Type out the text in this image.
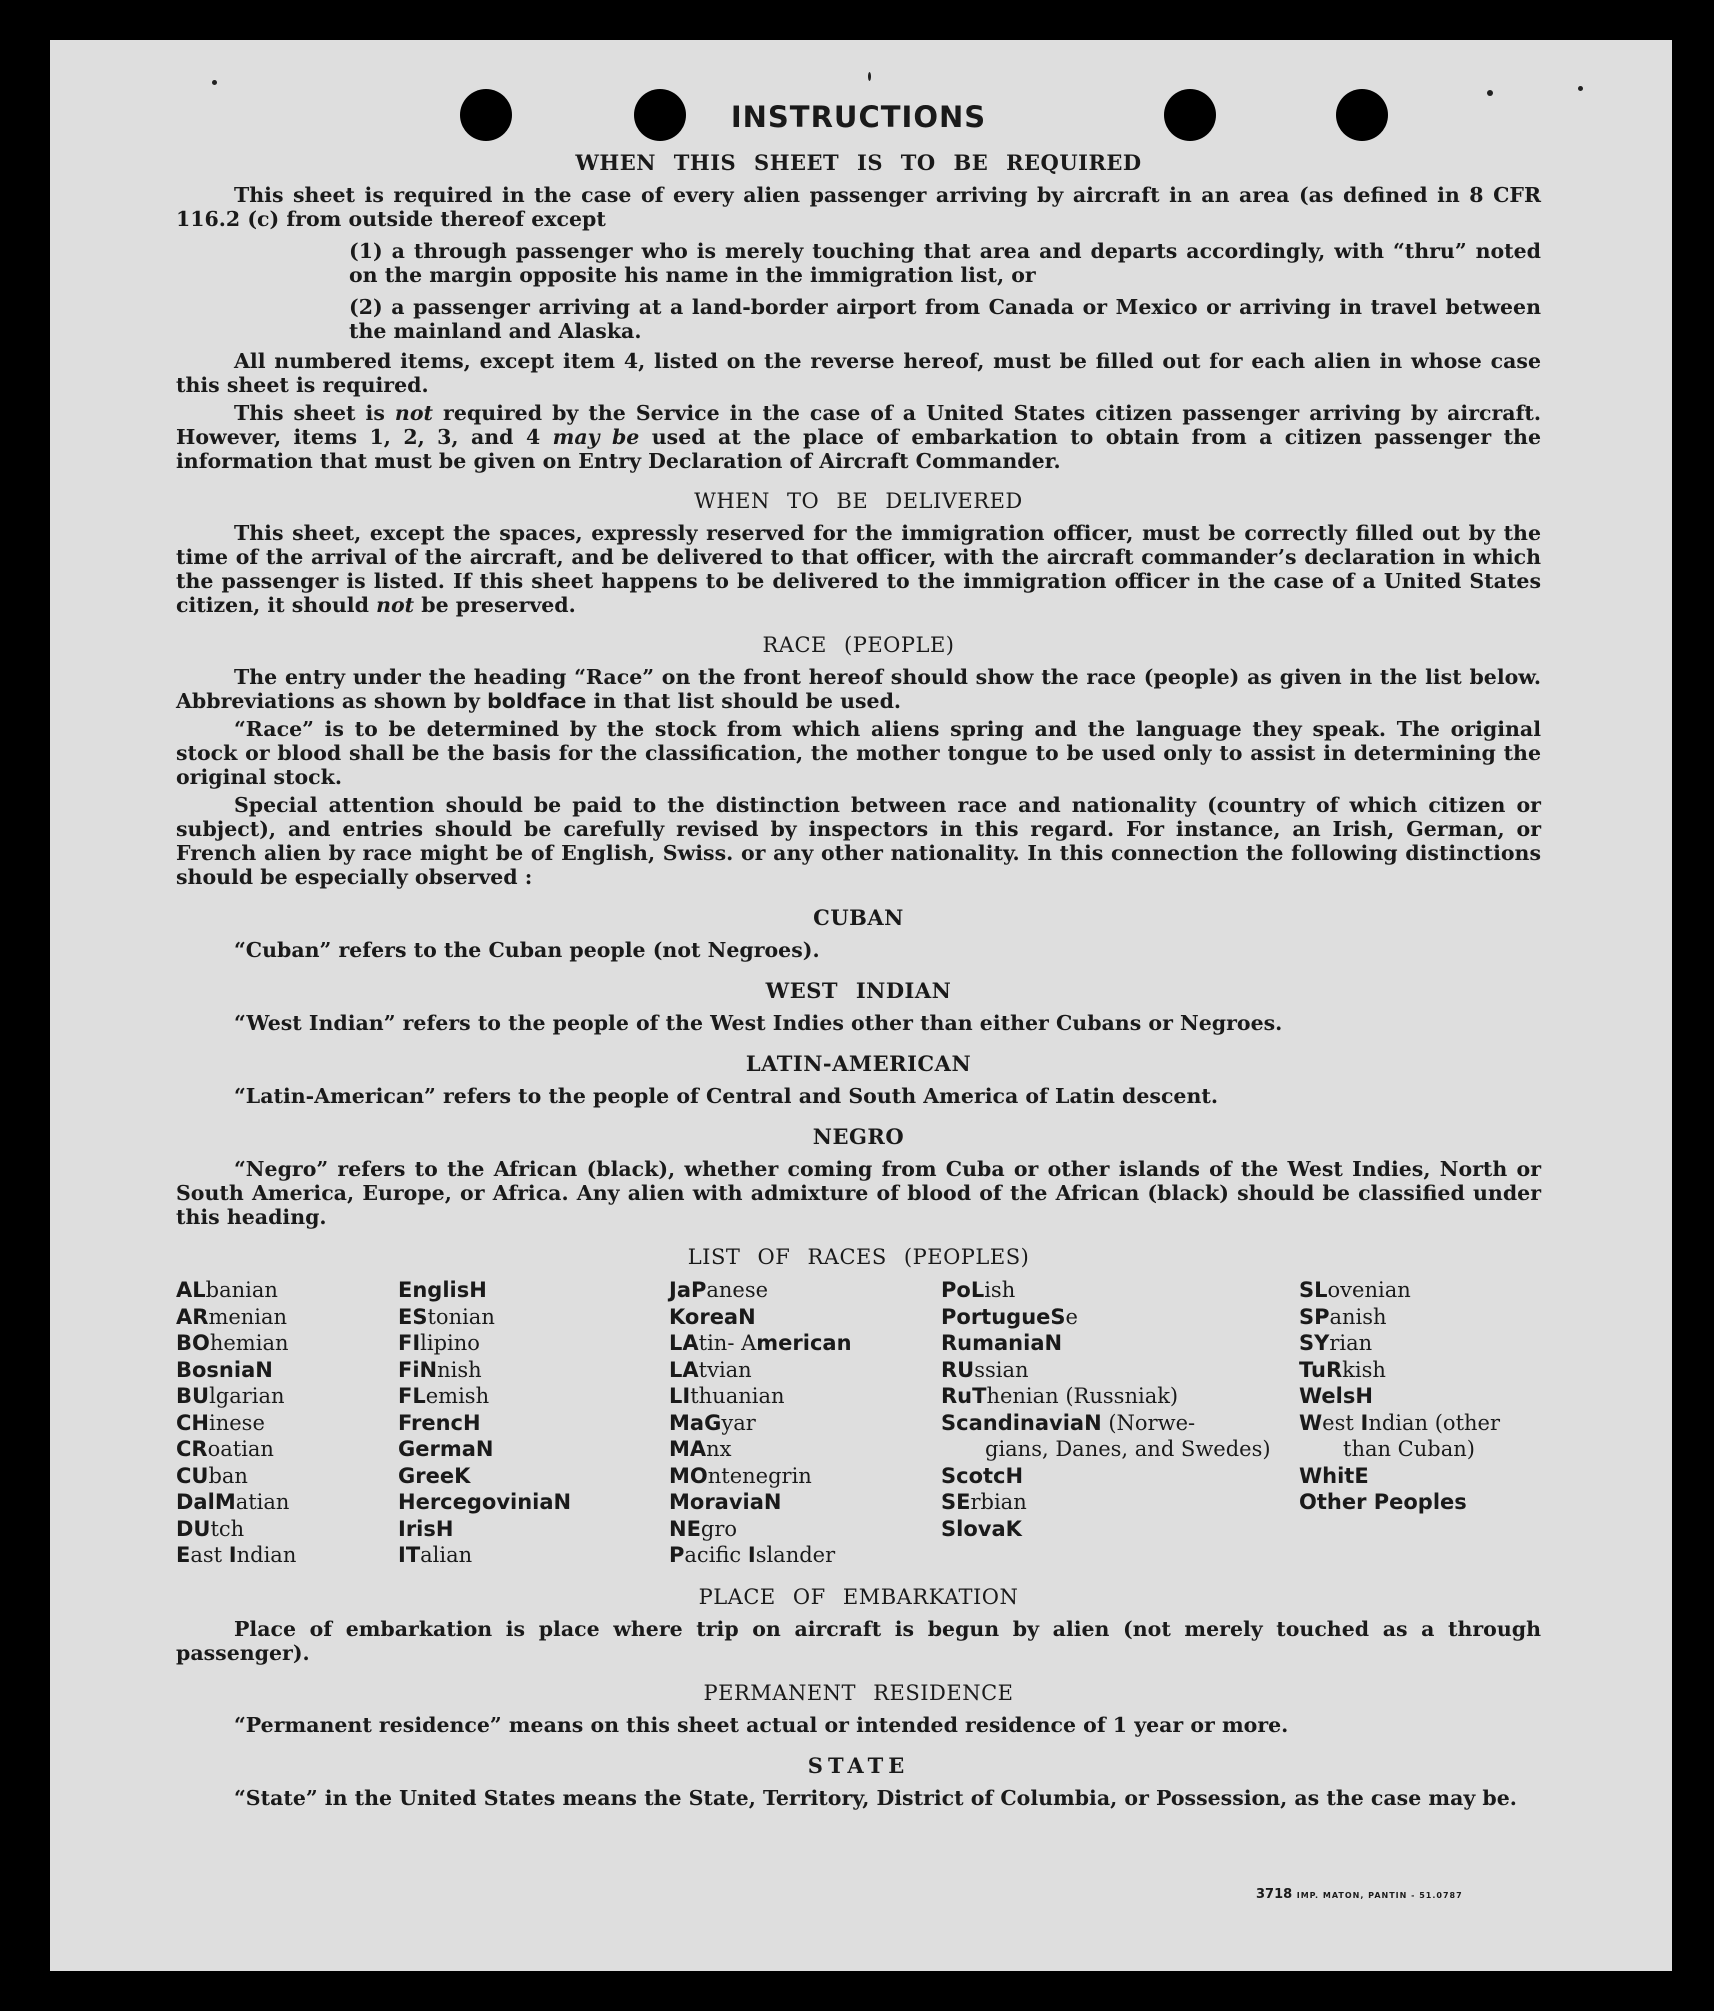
INSTRUCTIONS
WHEN THIS SHEET IS TO BE REQUIRED

This sheet is required in the case of every alien passenger arriving by aircraft in an area (as defined in 8 CFR 116.2 (c) from outside thereof except

(1) a through passenger who is merely touching that area and departs accordingly, with “thru” noted on the margin opposite his name in the immigration list, or

(2) a passenger arriving at a land-border airport from Canada or Mexico or arriving in travel between the mainland and Alaska.

All numbered items, except item 4, listed on the reverse hereof, must be filled out for each alien in whose case this sheet is required.

This sheet is not required by the Service in the case of a United States citizen passenger arriving by aircraft. However, items 1, 2, 3, and 4 may be used at the place of embarkation to obtain from a citizen passenger the information that must be given on Entry Declaration of Aircraft Commander.

WHEN TO BE DELIVERED

This sheet, except the spaces, expressly reserved for the immigration officer, must be correctly filled out by the time of the arrival of the aircraft, and be delivered to that officer, with the aircraft commander’s declaration in which the passenger is listed. If this sheet happens to be delivered to the immigration officer in the case of a United States citizen, it should not be preserved.

RACE (PEOPLE)

The entry under the heading “Race” on the front hereof should show the race (people) as given in the list below. Abbreviations as shown by boldface in that list should be used.

“Race” is to be determined by the stock from which aliens spring and the language they speak. The original stock or blood shall be the basis for the classification, the mother tongue to be used only to assist in determining the original stock.

Special attention should be paid to the distinction between race and nationality (country of which citizen or subject), and entries should be carefully revised by inspectors in this regard. For instance, an Irish, German, or French alien by race might be of English, Swiss. or any other nationality. In this connection the following distinctions should be especially observed :

CUBAN

“Cuban” refers to the Cuban people (not Negroes).

WEST INDIAN

“West Indian” refers to the people of the West Indies other than either Cubans or Negroes.

LATIN-AMERICAN

“Latin-American” refers to the people of Central and South America of Latin descent.

NEGRO

“Negro” refers to the African (black), whether coming from Cuba or other islands of the West Indies, North or South America, Europe, or Africa. Any alien with admixture of blood of the African (black) should be classified under this heading.

LIST OF RACES (PEOPLES)
ALbanian
ARmenian
BOhemian
BosniaN
BUlgarian
CHinese
CRoatian
CUban
DalMatian
DUtch
East Indian
EnglisH
EStonian
FIlipino
FiNnish
FLemish
FrencH
GermaN
GreeK
HercegoviniaN
IrisH
ITalian
JaPanese
KoreaN
LAtin- American
LAtvian
LIthuanian
MaGyar
MAnx
MOntenegrin
MoraviaN
NEgro
Pacific Islander
PoLish
PortugueSe
RumaniaN
RUssian
RuThenian (Russniak)
ScandinaviaN (Norwe-
gians, Danes, and Swedes)
ScotcH
SErbian
SlovaK
SLovenian
SPanish
SYrian
TuRkish
WelsH
West Indian (other
than Cuban)
WhitE
Other Peoples
PLACE OF EMBARKATION

Place of embarkation is place where trip on aircraft is begun by alien (not merely touched as a through passenger).

PERMANENT RESIDENCE

“Permanent residence” means on this sheet actual or intended residence of 1 year or more.

STATE

“State” in the United States means the State, Territory, District of Columbia, or Possession, as the case may be.

3718 IMP. MATON, PANTIN - 51.0787
